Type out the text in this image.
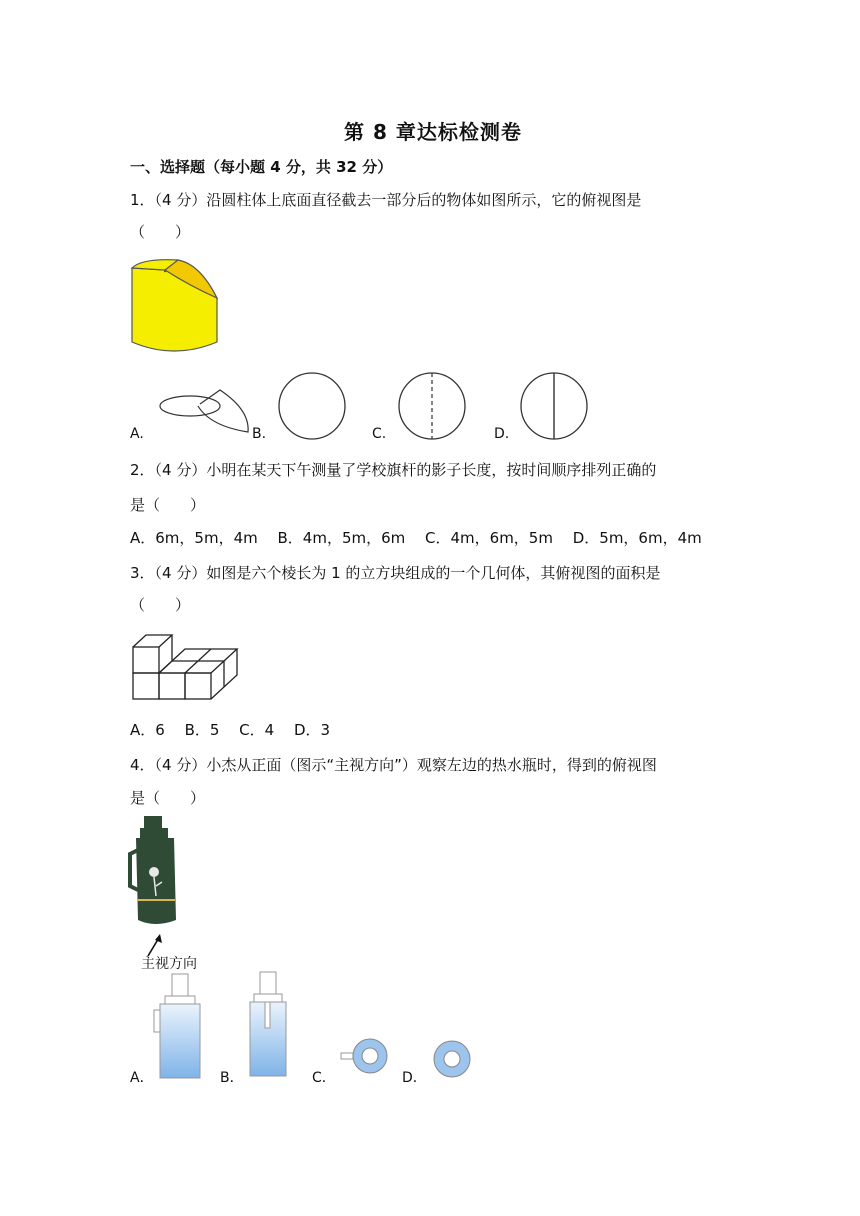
第 8 章达标检测卷
一、选择题（每小题 4 分，共 32 分）
1．（4 分）沿圆柱体上底面直径截去一部分后的物体如图所示，它的俯视图是
（　　）
A.	B.	C.	D.
2．（4 分）小明在某天下午测量了学校旗杆的影子长度，按时间顺序排列正确的
是（　　）
A．6m，5m，4m　 B．4m，5m，6m　 C．4m，6m，5m　 D．5m，6m，4m
3．（4 分）如图是六个棱长为 1 的立方块组成的一个几何体，其俯视图的面积是
（　　）
A．6　 B．5　 C．4　 D．3
4．（4 分）小杰从正面（图示“主视方向”）观察左边的热水瓶时，得到的俯视图
是（　　）
主视方向
A．	B．	C．	D．
